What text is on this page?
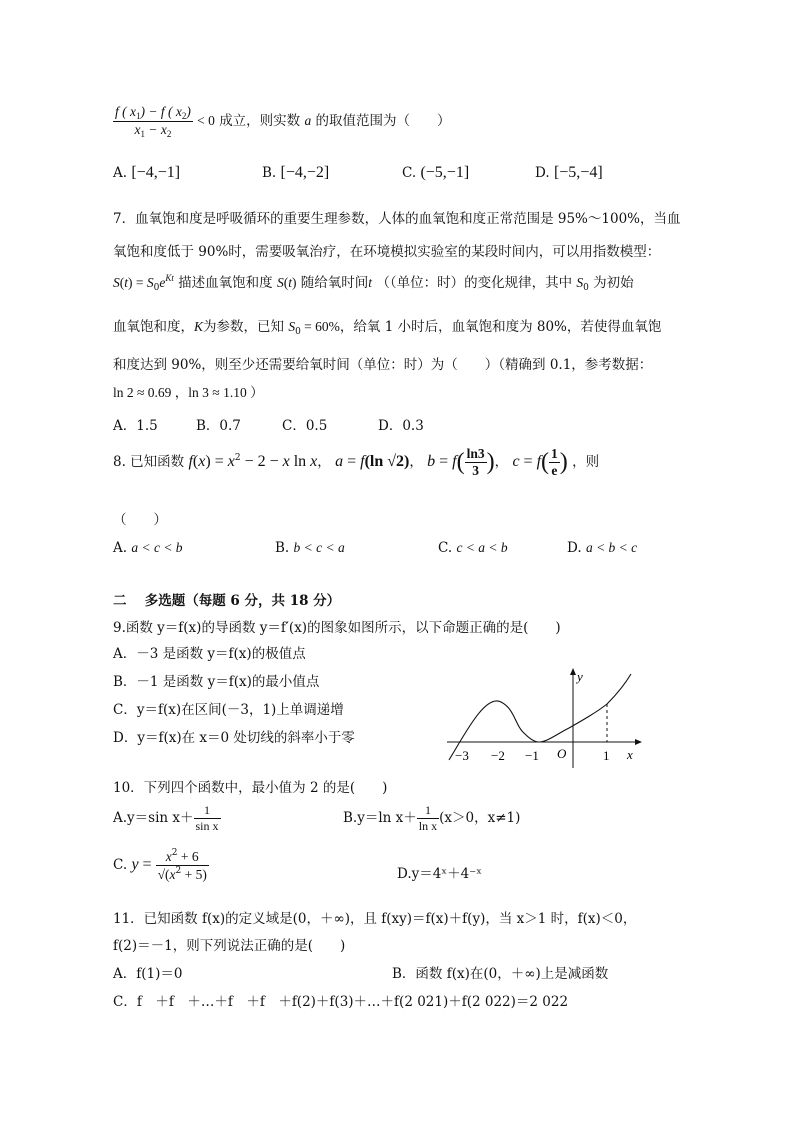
$\frac{f ( x_1) - f ( x_2)}{x_1 - x_2} < 0$ 成立，则实数 a 的取值范围为（　　）
A. [−4,−1]	B. [−4,−2]	C. (−5,−1]	D. [−5,−4]
7．血氧饱和度是呼吸循环的重要生理参数，人体的血氧饱和度正常范围是 95%～100%，当血
氧饱和度低于 90%时，需要吸氧治疗，在环境模拟实验室的某段时间内，可以用指数模型：
$S(t) = S_0e^{Kt}$ 描述血氧饱和度 S(t) 随给氧时间t （（单位：时）的变化规律，其中 $S_0$ 为初始
血氧饱和度，K为参数，已知 $S_0 = 60\%$，给氧 1 小时后，血氧饱和度为 80%，若使得血氧饱
和度达到 90%，则至少还需要给氧时间（单位：时）为（　　）（精确到 0.1，参考数据：
ln 2 ≈ 0.69 ，ln 3 ≈ 1.10 ）
A．1.5	B．0.7	C．0.5	D．0.3
8. 已知函数 $f(x) = x^2 - 2 - x$ ln x， a = f(ln √2)， $b = f( \frac{\ln 3}{3}$ )， $c = f( \frac{1}{e}$ ) ，则
（　　）
A. a < c < b	B. b < c < a	C. c < a < b	D. a < b < c
二　 多选题（每题 6 分，共 18 分）
9.函数 y＝f(x)的导函数 y＝f′(x)的图象如图所示，以下命题正确的是(　　)
A．－3 是函数 y＝f(x)的极值点
B．－1 是函数 y＝f(x)的最小值点
C．y＝f(x)在区间(－3，1)上单调递增
D．y＝f(x)在 x＝0 处切线的斜率小于零
y
x
O
−3 −2 −1	1
10．下列四个函数中，最小值为 2 的是(　　)
A.y＝sin $x+ \frac{1}{\text{sin x}}$	B.y＝ln $x+ \frac{1}{\text{ln x}} (x>0$，x≠1)
C. $y = \frac{x^2 + 6}{√(x^2 + 5)}$	D.y＝4ˣ＋4⁻ˣ
11．已知函数 f(x)的定义域是(0，＋∞)，且 f(xy)＝f(x)＋f(y)，当 x＞1 时，f(x)＜0，
f(2)＝－1，则下列说法正确的是(　　)
A．f(1)＝0	B．函数 f(x)在(0，＋∞)上是减函数
C．f　＋f　＋…＋f　＋f　＋f(2)＋f(3)＋…＋f(2 021)＋f(2 022)＝2 022
